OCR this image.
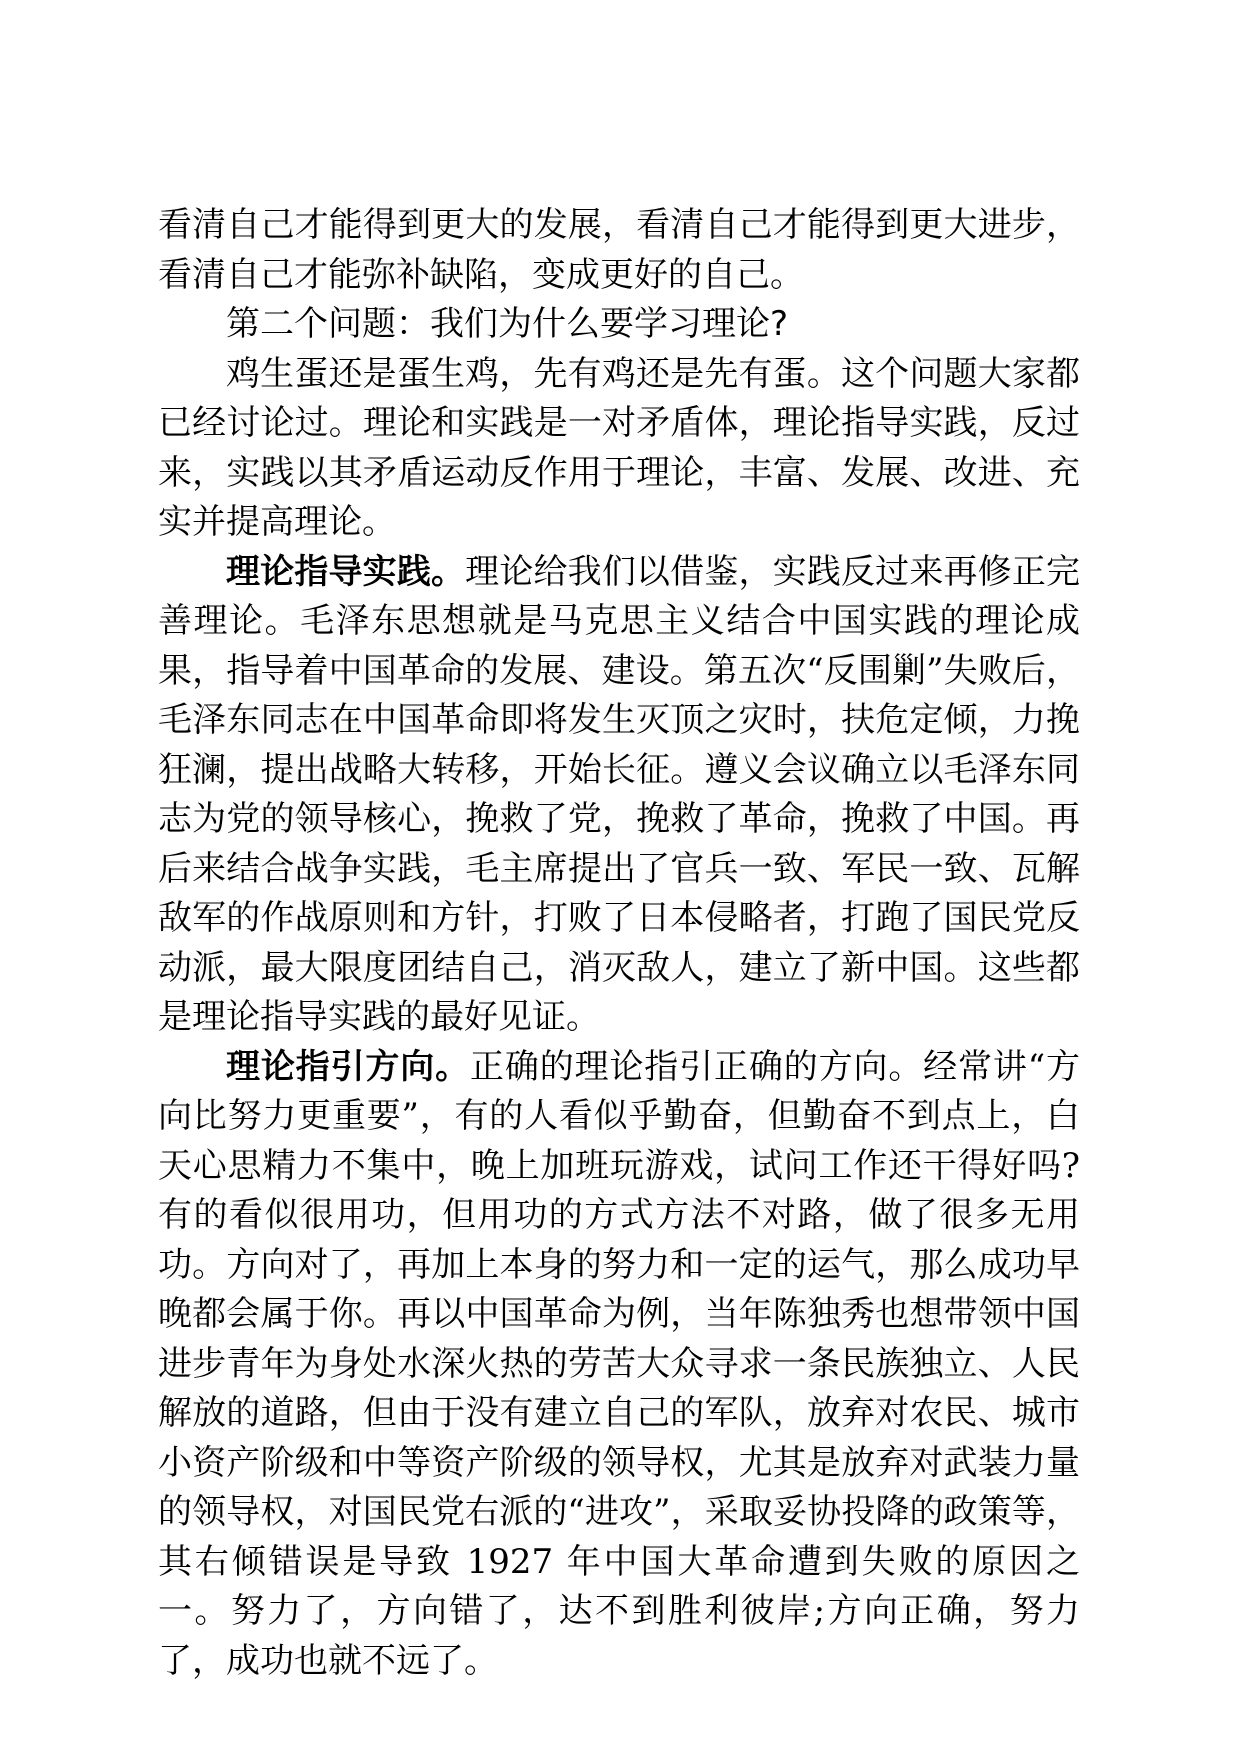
看清自己才能得到更大的发展，看清自己才能得到更大进步，看清自己才能弥补缺陷，变成更好的自己。

第二个问题：我们为什么要学习理论?

鸡生蛋还是蛋生鸡，先有鸡还是先有蛋。这个问题大家都已经讨论过。理论和实践是一对矛盾体，理论指导实践，反过来，实践以其矛盾运动反作用于理论，丰富、发展、改进、充实并提高理论。

理论指导实践。理论给我们以借鉴，实践反过来再修正完善理论。毛泽东思想就是马克思主义结合中国实践的理论成果，指导着中国革命的发展、建设。第五次“反围剿”失败后，毛泽东同志在中国革命即将发生灭顶之灾时，扶危定倾，力挽狂澜，提出战略大转移，开始长征。遵义会议确立以毛泽东同志为党的领导核心，挽救了党，挽救了革命，挽救了中国。再后来结合战争实践，毛主席提出了官兵一致、军民一致、瓦解敌军的作战原则和方针，打败了日本侵略者，打跑了国民党反动派，最大限度团结自己，消灭敌人，建立了新中国。这些都是理论指导实践的最好见证。

理论指引方向。正确的理论指引正确的方向。经常讲“方向比努力更重要”，有的人看似乎勤奋，但勤奋不到点上，白天心思精力不集中，晚上加班玩游戏，试问工作还干得好吗?有的看似很用功，但用功的方式方法不对路，做了很多无用功。方向对了，再加上本身的努力和一定的运气，那么成功早晚都会属于你。再以中国革命为例，当年陈独秀也想带领中国进步青年为身处水深火热的劳苦大众寻求一条民族独立、人民解放的道路，但由于没有建立自己的军队，放弃对农民、城市小资产阶级和中等资产阶级的领导权，尤其是放弃对武装力量的领导权，对国民党右派的“进攻”，采取妥协投降的政策等，其右倾错误是导致 1927 年中国大革命遭到失败的原因之一。努力了，方向错了，达不到胜利彼岸;方向正确，努力了，成功也就不远了。
